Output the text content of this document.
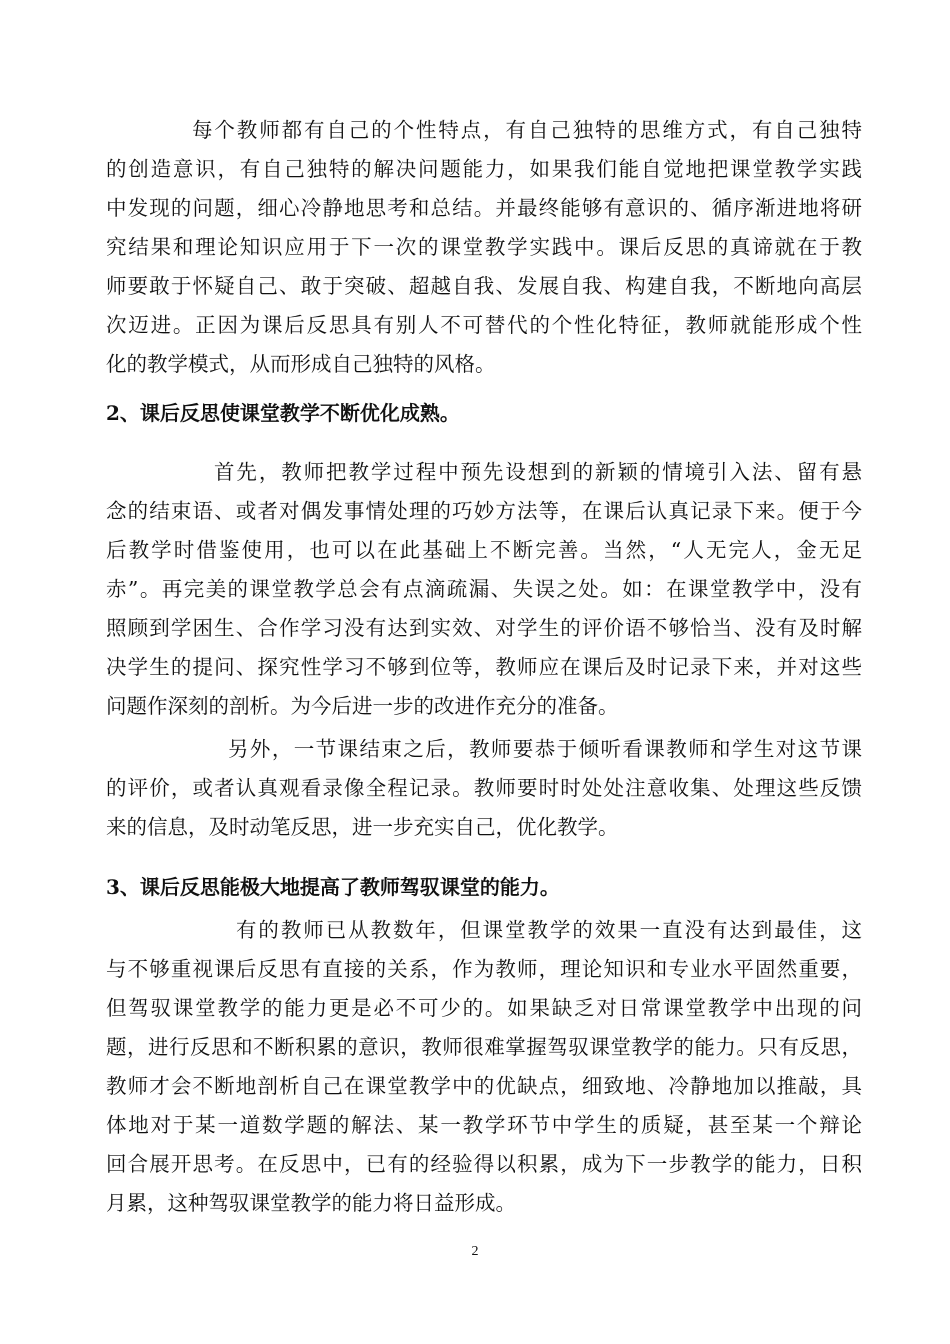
每个教师都有自己的个性特点，有自己独特的思维方式，有自己独特
的创造意识，有自己独特的解决问题能力，如果我们能自觉地把课堂教学实践
中发现的问题，细心冷静地思考和总结。并最终能够有意识的、循序渐进地将研
究结果和理论知识应用于下一次的课堂教学实践中。课后反思的真谛就在于教
师要敢于怀疑自己、敢于突破、超越自我、发展自我、构建自我，不断地向高层
次迈进。正因为课后反思具有别人不可替代的个性化特征，教师就能形成个性
化的教学模式，从而形成自己独特的风格。
2、课后反思使课堂教学不断优化成熟。
首先，教师把教学过程中预先设想到的新颖的情境引入法、留有悬
念的结束语、或者对偶发事情处理的巧妙方法等，在课后认真记录下来。便于今
后教学时借鉴使用，也可以在此基础上不断完善。当然，“人无完人，金无足
赤”。再完美的课堂教学总会有点滴疏漏、失误之处。如：在课堂教学中，没有
照顾到学困生、合作学习没有达到实效、对学生的评价语不够恰当、没有及时解
决学生的提问、探究性学习不够到位等，教师应在课后及时记录下来，并对这些
问题作深刻的剖析。为今后进一步的改进作充分的准备。
另外，一节课结束之后，教师要恭于倾听看课教师和学生对这节课
的评价，或者认真观看录像全程记录。教师要时时处处注意收集、处理这些反馈
来的信息，及时动笔反思，进一步充实自己，优化教学。
3、课后反思能极大地提高了教师驾驭课堂的能力。
有的教师已从教数年，但课堂教学的效果一直没有达到最佳，这
与不够重视课后反思有直接的关系，作为教师，理论知识和专业水平固然重要，
但驾驭课堂教学的能力更是必不可少的。如果缺乏对日常课堂教学中出现的问
题，进行反思和不断积累的意识，教师很难掌握驾驭课堂教学的能力。只有反思，
教师才会不断地剖析自己在课堂教学中的优缺点，细致地、冷静地加以推敲，具
体地对于某一道数学题的解法、某一教学环节中学生的质疑，甚至某一个辩论
回合展开思考。在反思中，已有的经验得以积累，成为下一步教学的能力，日积
月累，这种驾驭课堂教学的能力将日益形成。
2
